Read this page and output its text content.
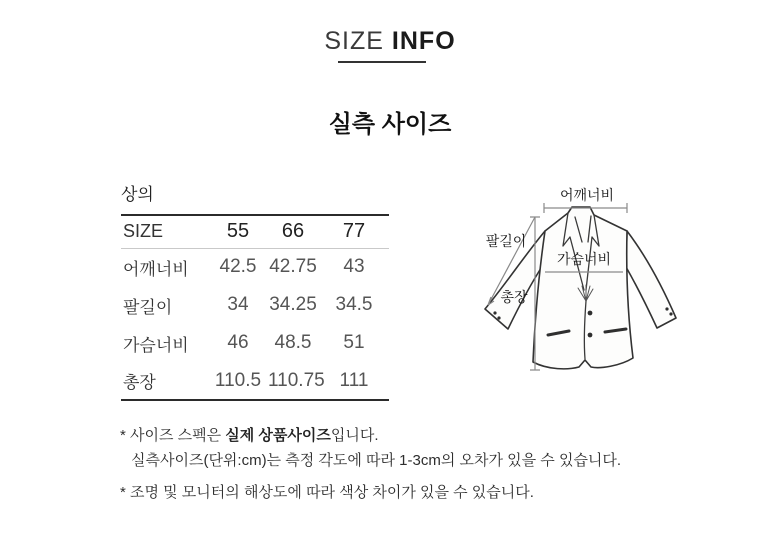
SIZE INFO
실측 사이즈
상의
SIZE	55	66	77
어깨너비	42.5	42.75	43
팔길이	34	34.25	34.5
가슴너비	46	48.5	51
총장	110.5	110.75	111
어깨너비
팔길이
가슴너비
총장
* 사이즈 스펙은 실제 상품사이즈입니다.
실측사이즈(단위:cm)는 측정 각도에 따라 1-3cm의 오차가 있을 수 있습니다.
* 조명 및 모니터의 해상도에 따라 색상 차이가 있을 수 있습니다.
